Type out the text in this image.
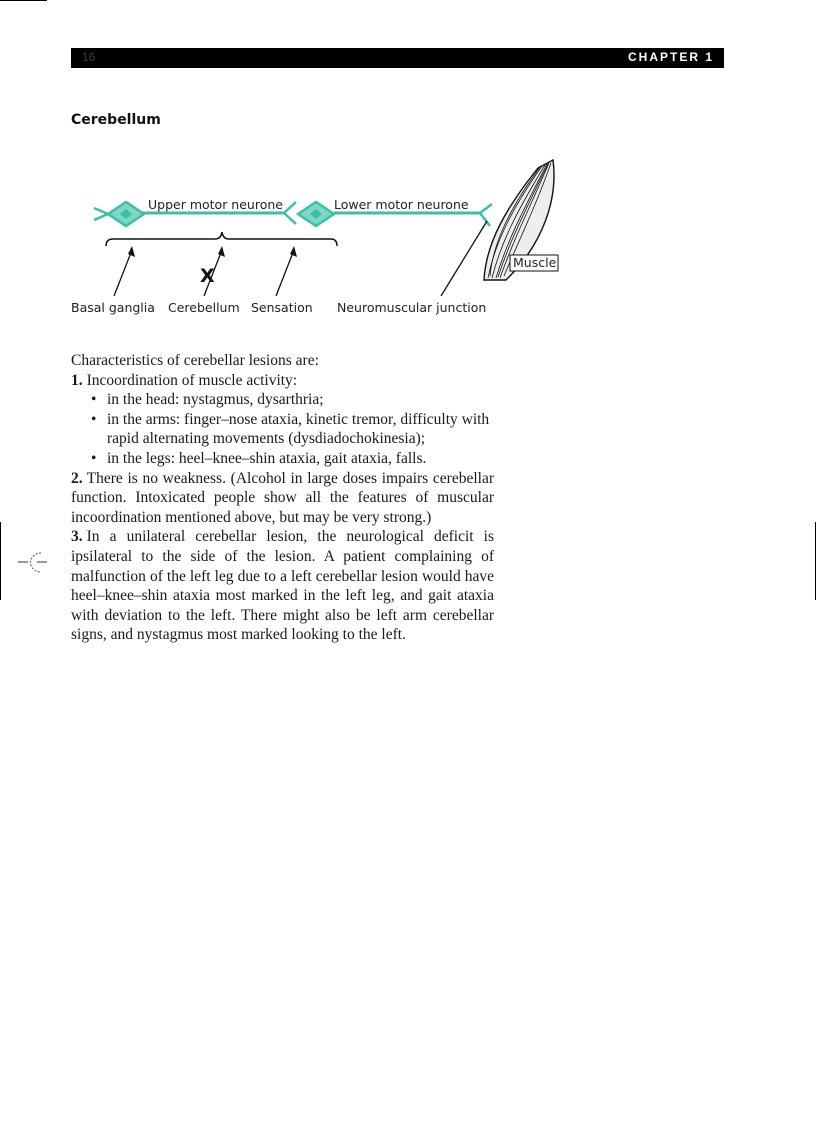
16	CHAPTER 1
Cerebellum
Upper motor neurone	Lower motor neurone
X
Muscle
Basal ganglia Cerebellum Sensation Neuromuscular junction

Characteristics of cerebellar lesions are:

1. Incoordination of muscle activity:

• in the head: nystagmus, dysarthria;
• in the arms: finger–nose ataxia, kinetic tremor, difficulty with rapid alternating movements (dysdiadochokinesia);
• in the legs: heel–knee–shin ataxia, gait ataxia, falls.

2. There is no weakness. (Alcohol in large doses impairs cerebellar function. Intoxicated people show all the features of muscular incoordination mentioned above, but may be very strong.)

3. In a unilateral cerebellar lesion, the neurological deficit is ipsilateral to the side of the lesion. A patient complaining of malfunction of the left leg due to a left cerebellar lesion would have heel–knee–shin ataxia most marked in the left leg, and gait ataxia with deviation to the left. There might also be left arm cerebellar signs, and nystagmus most marked looking to the left.
